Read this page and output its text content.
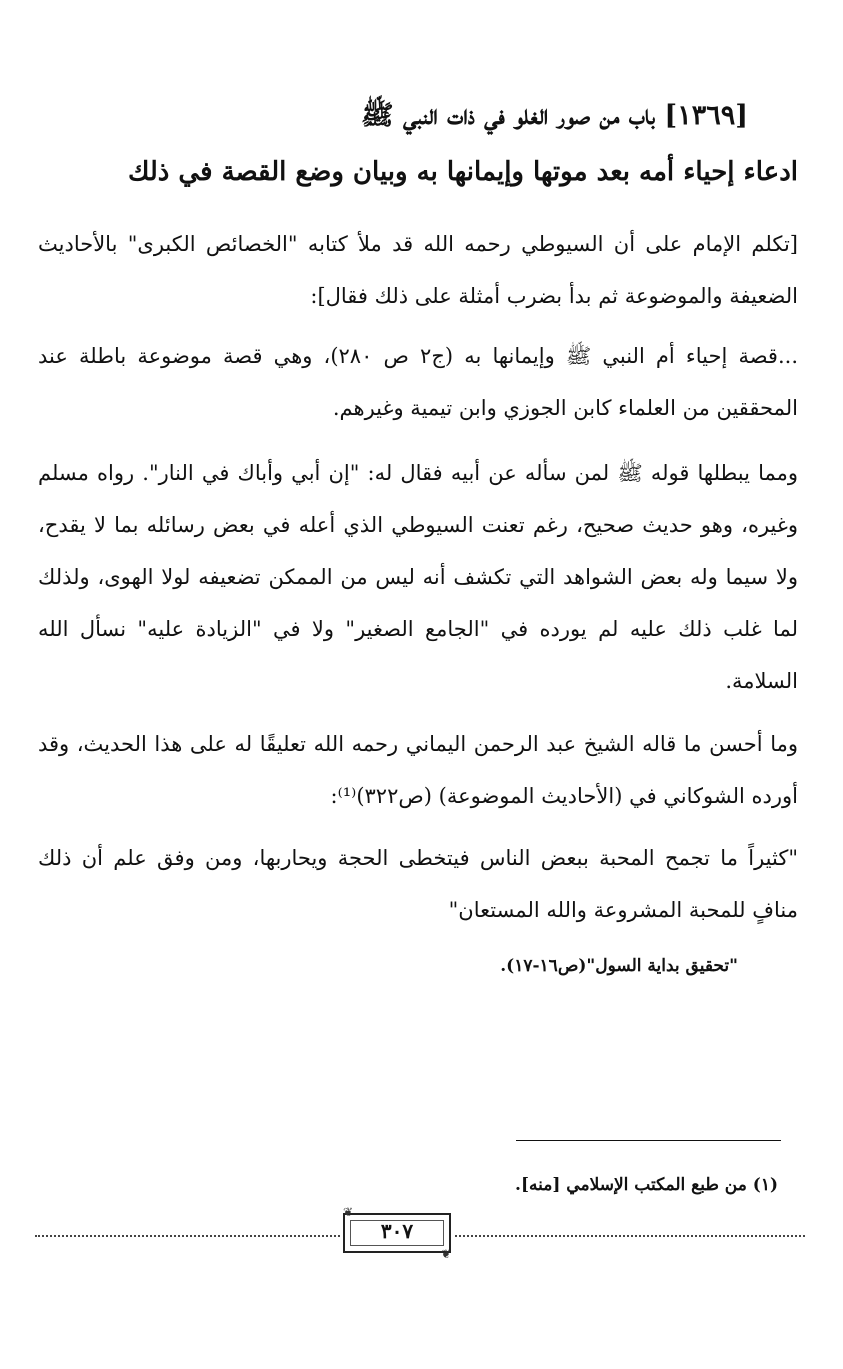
[١٣٦٩] باب من صور الغلو في ذات النبي ﷺ
ادعاء إحياء أمه بعد موتها وإيمانها به وبيان وضع القصة في ذلك
[تكلم الإمام على أن السيوطي رحمه الله قد ملأ كتابه "الخصائص الكبرى" بالأحاديث الضعيفة والموضوعة ثم بدأ بضرب أمثلة على ذلك فقال]:
...قصة إحياء أم النبي ﷺ وإيمانها به (ج٢ ص ٢٨٠)، وهي قصة موضوعة باطلة عند المحققين من العلماء كابن الجوزي وابن تيمية وغيرهم.
ومما يبطلها قوله ﷺ لمن سأله عن أبيه فقال له: "إن أبي وأباك في النار". رواه مسلم وغيره، وهو حديث صحيح، رغم تعنت السيوطي الذي أعله في بعض رسائله بما لا يقدح، ولا سيما وله بعض الشواهد التي تكشف أنه ليس من الممكن تضعيفه لولا الهوى، ولذلك لما غلب ذلك عليه لم يورده في "الجامع الصغير" ولا في "الزيادة عليه" نسأل الله السلامة.
وما أحسن ما قاله الشيخ عبد الرحمن اليماني رحمه الله تعليقًا له على هذا الحديث، وقد أورده الشوكاني في (الأحاديث الموضوعة) (ص٣٢٢)⁽¹⁾:
"كثيراً ما تجمح المحبة ببعض الناس فيتخطى الحجة ويحاربها، ومن وفق علم أن ذلك منافٍ للمحبة المشروعة والله المستعان"
"تحقيق بداية السول"(ص١٦-١٧).
(١) من طبع المكتب الإسلامي [منه].
❦
❦
٣٠٧
